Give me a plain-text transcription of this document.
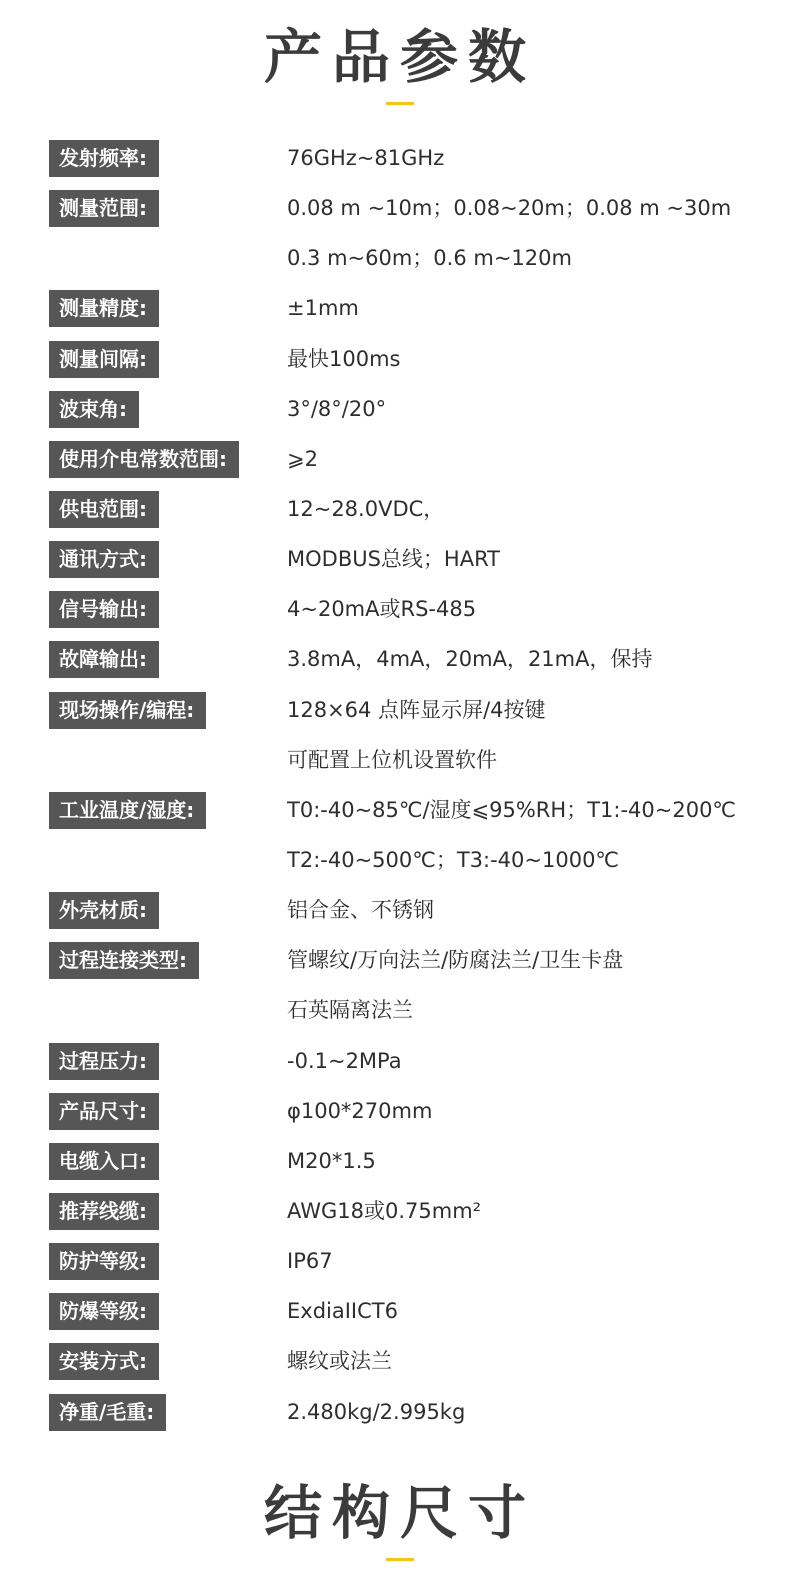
产品参数
发射频率:	76GHz~81GHz
测量范围:	0.08 m ~10m；0.08~20m；0.08 m ~30m
0.3 m~60m；0.6 m~120m
测量精度:	±1mm
测量间隔:	最快100ms
波束角:	3°/8°/20°
使用介电常数范围:	⩾2
供电范围:	12~28.0VDC，
通讯方式:	MODBUS总线；HART
信号输出:	4~20mA或RS-485
故障输出:	3.8mA，4mA，20mA，21mA，保持
现场操作/编程:	128×64 点阵显示屏/4按键
可配置上位机设置软件
工业温度/湿度:	T0:-40~85℃/湿度⩽95%RH；T1:-40~200℃
T2:-40~500℃；T3:-40~1000℃
外壳材质:	铝合金、不锈钢
过程连接类型:	管螺纹/万向法兰/防腐法兰/卫生卡盘
石英隔离法兰
过程压力:	-0.1~2MPa
产品尺寸:	φ100*270mm
电缆入口:	M20*1.5
推荐线缆:	AWG18或0.75mm²
防护等级:	IP67
防爆等级:	ExdiaIICT6
安装方式:	螺纹或法兰
净重/毛重:	2.480kg/2.995kg
结构尺寸
